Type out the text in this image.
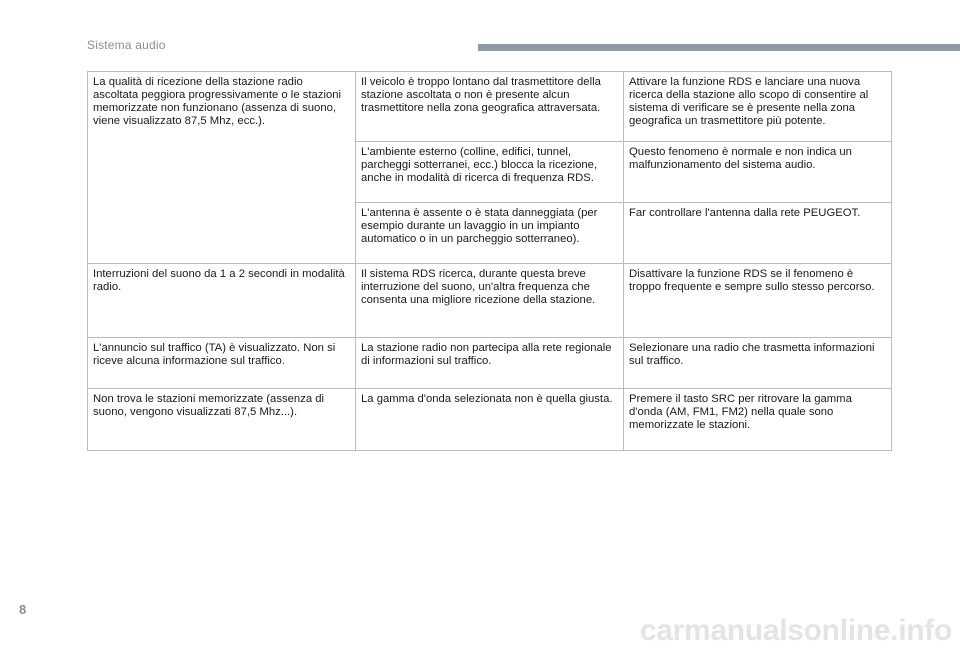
Sistema audio
La qualità di ricezione della stazione radio ascoltata peggiora progressivamente o le stazioni memorizzate non funzionano (assenza di suono, viene visualizzato 87,5 Mhz, ecc.).	Il veicolo è troppo lontano dal trasmettitore della stazione ascoltata o non è presente alcun trasmettitore nella zona geografica attraversata.	Attivare la funzione RDS e lanciare una nuova ricerca della stazione allo scopo di consentire al sistema di verificare se è presente nella zona geografica un trasmettitore più potente.
	L'ambiente esterno (colline, edifici, tunnel, parcheggi sotterranei, ecc.) blocca la ricezione, anche in modalità di ricerca di frequenza RDS.	Questo fenomeno è normale e non indica un malfunzionamento del sistema audio.
	L'antenna è assente o è stata danneggiata (per esempio durante un lavaggio in un impianto automatico o in un parcheggio sotterraneo).	Far controllare l'antenna dalla rete PEUGEOT.
Interruzioni del suono da 1 a 2 secondi in modalità radio.	Il sistema RDS ricerca, durante questa breve interruzione del suono, un'altra frequenza che consenta una migliore ricezione della stazione.	Disattivare la funzione RDS se il fenomeno è troppo frequente e sempre sullo stesso percorso.
L'annuncio sul traffico (TA) è visualizzato. Non si riceve alcuna informazione sul traffico.	La stazione radio non partecipa alla rete regionale di informazioni sul traffico.	Selezionare una radio che trasmetta informazioni sul traffico.
Non trova le stazioni memorizzate (assenza di suono, vengono visualizzati 87,5 Mhz...).	La gamma d'onda selezionata non è quella giusta.	Premere il tasto SRC per ritrovare la gamma d'onda (AM, FM1, FM2) nella quale sono memorizzate le stazioni.
8
carmanualsonline.info
